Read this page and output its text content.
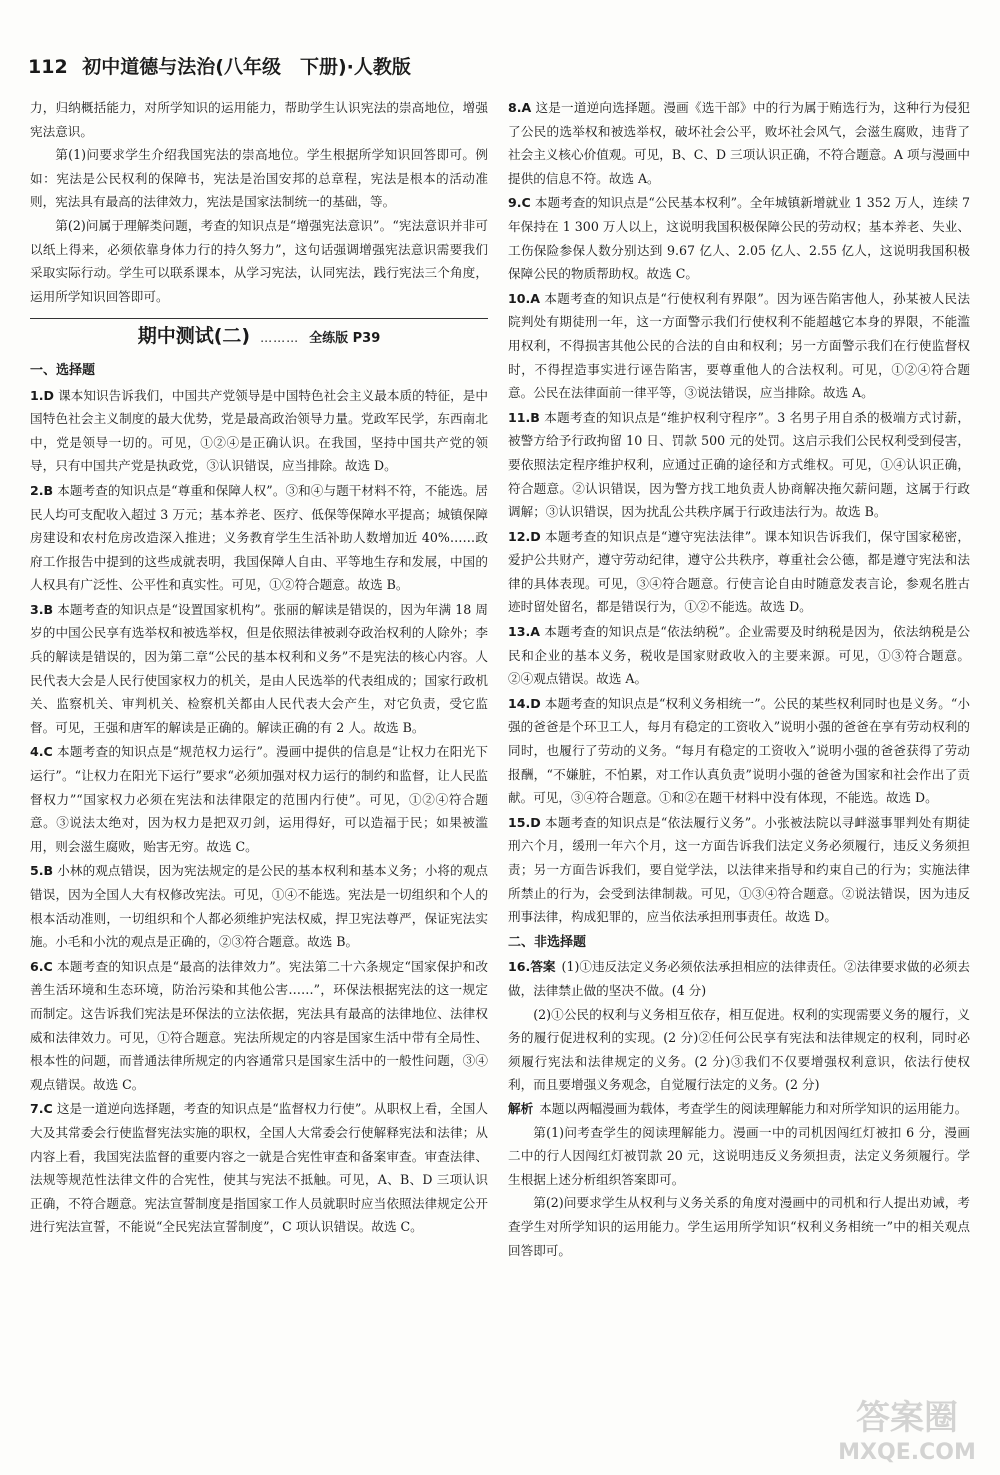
112 初中道德与法治(八年级　下册)·人教版

力，归纳概括能力，对所学知识的运用能力，帮助学生认识宪法的崇高地位，增强宪法意识。

第(1)问要求学生介绍我国宪法的崇高地位。学生根据所学知识回答即可。例如：宪法是公民权利的保障书，宪法是治国安邦的总章程，宪法是根本的活动准则，宪法具有最高的法律效力，宪法是国家法制统一的基础，等。

第(2)问属于理解类问题，考查的知识点是“增强宪法意识”。“宪法意识并非可以纸上得来，必须依靠身体力行的持久努力”，这句话强调增强宪法意识需要我们采取实际行动。学生可以联系课本，从学习宪法，认同宪法，践行宪法三个角度，运用所学知识回答即可。

期中测试(二) ……… 全练版 P39
一、选择题
1.D 课本知识告诉我们，中国共产党领导是中国特色社会主义最本质的特征，是中国特色社会主义制度的最大优势，党是最高政治领导力量。党政军民学，东西南北中，党是领导一切的。可见，①②④是正确认识。在我国，坚持中国共产党的领导，只有中国共产党是执政党，③认识错误，应当排除。故选 D。
2.B 本题考查的知识点是“尊重和保障人权”。③和④与题干材料不符，不能选。居民人均可支配收入超过 3 万元；基本养老、医疗、低保等保障水平提高；城镇保障房建设和农村危房改造深入推进；义务教育学生生活补助人数增加近 40%……政府工作报告中提到的这些成就表明，我国保障人自由、平等地生存和发展，中国的人权具有广泛性、公平性和真实性。可见，①②符合题意。故选 B。
3.B 本题考查的知识点是“设置国家机构”。张丽的解读是错误的，因为年满 18 周岁的中国公民享有选举权和被选举权，但是依照法律被剥夺政治权利的人除外；李兵的解读是错误的，因为第二章“公民的基本权利和义务”不是宪法的核心内容。人民代表大会是人民行使国家权力的机关，是由人民选举的代表组成的；国家行政机关、监察机关、审判机关、检察机关都由人民代表大会产生，对它负责，受它监督。可见，王强和唐军的解读是正确的。解读正确的有 2 人。故选 B。
4.C 本题考查的知识点是“规范权力运行”。漫画中提供的信息是“让权力在阳光下运行”。“让权力在阳光下运行”要求“必须加强对权力运行的制约和监督，让人民监督权力”“国家权力必须在宪法和法律限定的范围内行使”。可见，①②④符合题意。③说法太绝对，因为权力是把双刃剑，运用得好，可以造福于民；如果被滥用，则会滋生腐败，贻害无穷。故选 C。
5.B 小林的观点错误，因为宪法规定的是公民的基本权利和基本义务；小将的观点错误，因为全国人大有权修改宪法。可见，①④不能选。宪法是一切组织和个人的根本活动准则，一切组织和个人都必须维护宪法权威，捍卫宪法尊严，保证宪法实施。小毛和小沈的观点是正确的，②③符合题意。故选 B。
6.C 本题考查的知识点是“最高的法律效力”。宪法第二十六条规定“国家保护和改善生活环境和生态环境，防治污染和其他公害……”，环保法根据宪法的这一规定而制定。这告诉我们宪法是环保法的立法依据，宪法具有最高的法律地位、法律权威和法律效力。可见，①符合题意。宪法所规定的内容是国家生活中带有全局性、根本性的问题，而普通法律所规定的内容通常只是国家生活中的一般性问题，③④观点错误。故选 C。
7.C 这是一道逆向选择题，考查的知识点是“监督权力行使”。从职权上看，全国人大及其常委会行使监督宪法实施的职权，全国人大常委会行使解释宪法和法律；从内容上看，我国宪法监督的重要内容之一就是合宪性审查和备案审查。审查法律、法规等规范性法律文件的合宪性，使其与宪法不抵触。可见，A、B、D 三项认识正确，不符合题意。宪法宣誓制度是指国家工作人员就职时应当依照法律规定公开进行宪法宣誓，不能说“全民宪法宣誓制度”，C 项认识错误。故选 C。
8.A 这是一道逆向选择题。漫画《选干部》中的行为属于贿选行为，这种行为侵犯了公民的选举权和被选举权，破坏社会公平，败坏社会风气，会滋生腐败，违背了社会主义核心价值观。可见，B、C、D 三项认识正确，不符合题意。A 项与漫画中提供的信息不符。故选 A。
9.C 本题考查的知识点是“公民基本权利”。全年城镇新增就业 1 352 万人，连续 7 年保持在 1 300 万人以上，这说明我国积极保障公民的劳动权；基本养老、失业、工伤保险参保人数分别达到 9.67 亿人、2.05 亿人、2.55 亿人，这说明我国积极保障公民的物质帮助权。故选 C。
10.A 本题考查的知识点是“行使权利有界限”。因为诬告陷害他人，孙某被人民法院判处有期徒刑一年，这一方面警示我们行使权利不能超越它本身的界限，不能滥用权利，不得损害其他公民的合法的自由和权利；另一方面警示我们在行使监督权时，不得捏造事实进行诬告陷害，要尊重他人的合法权利。可见，①②④符合题意。公民在法律面前一律平等，③说法错误，应当排除。故选 A。
11.B 本题考查的知识点是“维护权利守程序”。3 名男子用自杀的极端方式讨薪，被警方给予行政拘留 10 日、罚款 500 元的处罚。这启示我们公民权利受到侵害，要依照法定程序维护权利，应通过正确的途径和方式维权。可见，①④认识正确，符合题意。②认识错误，因为警方找工地负责人协商解决拖欠薪问题，这属于行政调解；③认识错误，因为扰乱公共秩序属于行政违法行为。故选 B。
12.D 本题考查的知识点是“遵守宪法法律”。课本知识告诉我们，保守国家秘密，爱护公共财产，遵守劳动纪律，遵守公共秩序，尊重社会公德，都是遵守宪法和法律的具体表现。可见，③④符合题意。行使言论自由时随意发表言论，参观名胜古迹时留处留名，都是错误行为，①②不能选。故选 D。
13.A 本题考查的知识点是“依法纳税”。企业需要及时纳税是因为，依法纳税是公民和企业的基本义务，税收是国家财政收入的主要来源。可见，①③符合题意。②④观点错误。故选 A。
14.D 本题考查的知识点是“权利义务相统一”。公民的某些权利同时也是义务。“小强的爸爸是个环卫工人，每月有稳定的工资收入”说明小强的爸爸在享有劳动权利的同时，也履行了劳动的义务。“每月有稳定的工资收入”说明小强的爸爸获得了劳动报酬，“不嫌脏，不怕累，对工作认真负责”说明小强的爸爸为国家和社会作出了贡献。可见，③④符合题意。①和②在题干材料中没有体现，不能选。故选 D。
15.D 本题考查的知识点是“依法履行义务”。小张被法院以寻衅滋事罪判处有期徒刑六个月，缓刑一年六个月，这一方面告诉我们法定义务必须履行，违反义务须担责；另一方面告诉我们，要自觉学法，以法律来指导和约束自己的行为；实施法律所禁止的行为，会受到法律制裁。可见，①③④符合题意。②说法错误，因为违反刑事法律，构成犯罪的，应当依法承担刑事责任。故选 D。
二、非选择题
16.答案 (1)①违反法定义务必须依法承担相应的法律责任。②法律要求做的必须去做，法律禁止做的坚决不做。(4 分)

(2)①公民的权利与义务相互依存，相互促进。权利的实现需要义务的履行，义务的履行促进权利的实现。(2 分)②任何公民享有宪法和法律规定的权利，同时必须履行宪法和法律规定的义务。(2 分)③我们不仅要增强权利意识，依法行使权利，而且要增强义务观念，自觉履行法定的义务。(2 分)

解析 本题以两幅漫画为载体，考查学生的阅读理解能力和对所学知识的运用能力。

第(1)问考查学生的阅读理解能力。漫画一中的司机因闯红灯被扣 6 分，漫画二中的行人因闯红灯被罚款 20 元，这说明违反义务须担责，法定义务须履行。学生根据上述分析组织答案即可。

第(2)问要求学生从权利与义务关系的角度对漫画中的司机和行人提出劝诫，考查学生对所学知识的运用能力。学生运用所学知识“权利义务相统一”中的相关观点回答即可。

答案圈
MXQE.COM
